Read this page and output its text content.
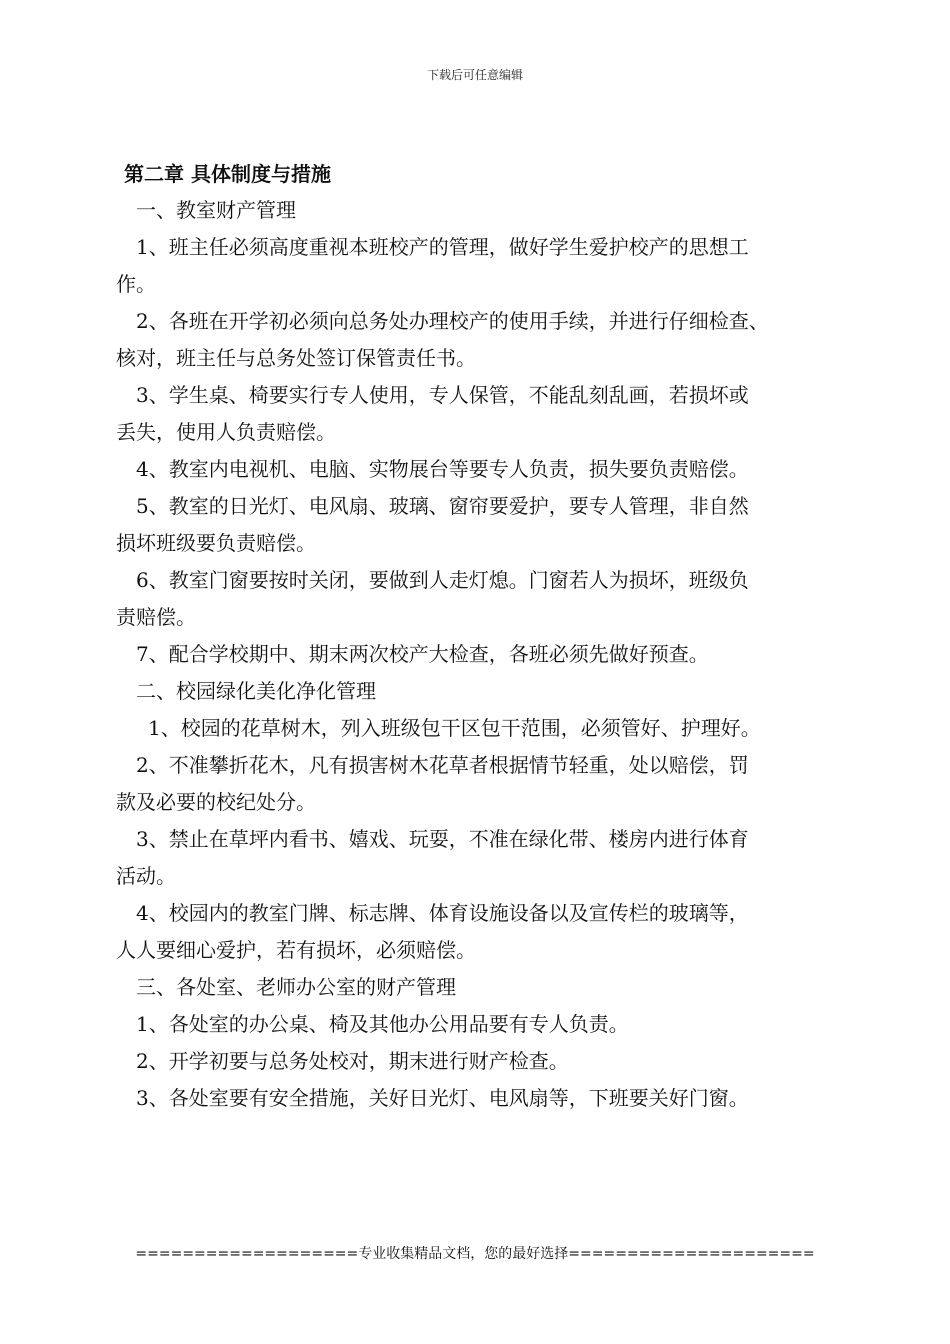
下载后可任意编辑
第二章 具体制度与措施

一、教室财产管理

1、班主任必须高度重视本班校产的管理，做好学生爱护校产的思想工

作。

2、各班在开学初必须向总务处办理校产的使用手续，并进行仔细检查、

核对，班主任与总务处签订保管责任书。

3、学生桌、椅要实行专人使用，专人保管，不能乱刻乱画，若损坏或

丢失，使用人负责赔偿。

4、教室内电视机、电脑、实物展台等要专人负责，损失要负责赔偿。

5、教室的日光灯、电风扇、玻璃、窗帘要爱护，要专人管理，非自然

损坏班级要负责赔偿。

6、教室门窗要按时关闭，要做到人走灯熄。门窗若人为损坏，班级负

责赔偿。

7、配合学校期中、期末两次校产大检查，各班必须先做好预查。

二、校园绿化美化净化管理

1、校园的花草树木，列入班级包干区包干范围，必须管好、护理好。

2、不准攀折花木，凡有损害树木花草者根据情节轻重，处以赔偿，罚

款及必要的校纪处分。

3、禁止在草坪内看书、嬉戏、玩耍，不准在绿化带、楼房内进行体育

活动。

4、校园内的教室门牌、标志牌、体育设施设备以及宣传栏的玻璃等，

人人要细心爱护，若有损坏，必须赔偿。

三、各处室、老师办公室的财产管理

1、各处室的办公桌、椅及其他办公用品要有专人负责。

2、开学初要与总务处校对，期末进行财产检查。

3、各处室要有安全措施，关好日光灯、电风扇等，下班要关好门窗。

===================专业收集精品文档，您的最好选择=====================
